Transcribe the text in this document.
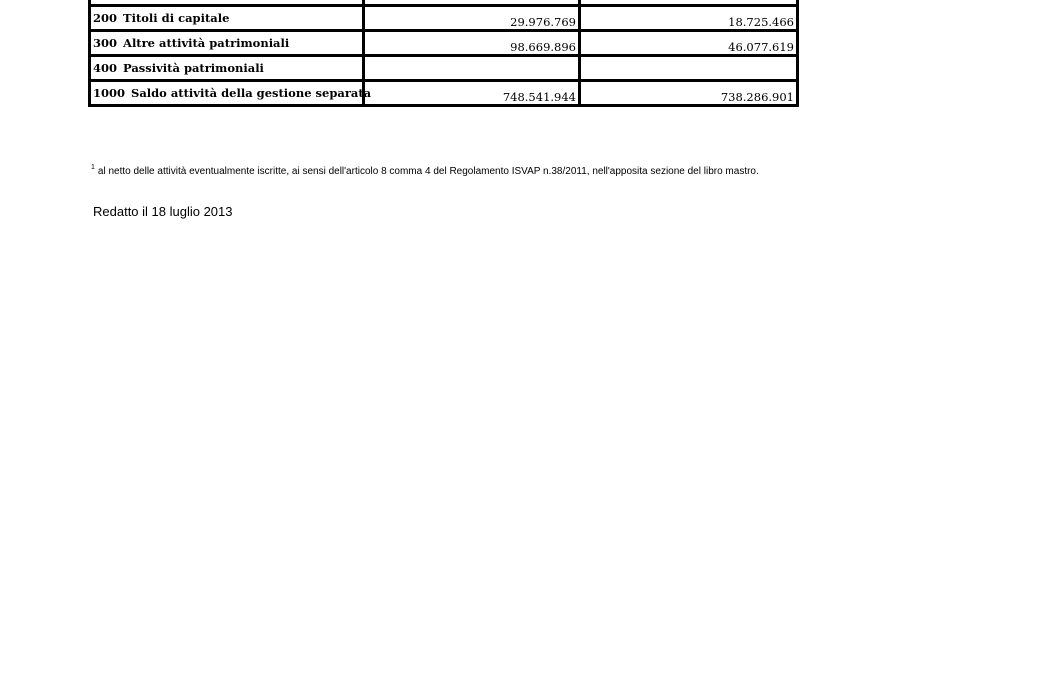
200 Titoli di capitale	29.976.769	18.725.466
300 Altre attività patrimoniali	98.669.896	46.077.619
400 Passività patrimoniali		
1000 Saldo attività della gestione separata	748.541.944	738.286.901
$^1$ al netto delle attività eventualmente iscritte, ai sensi dell'articolo 8 comma 4 del Regolamento ISVAP n.38/2011, nell'apposita sezione del libro mastro.
Redatto il 18 luglio 2013
